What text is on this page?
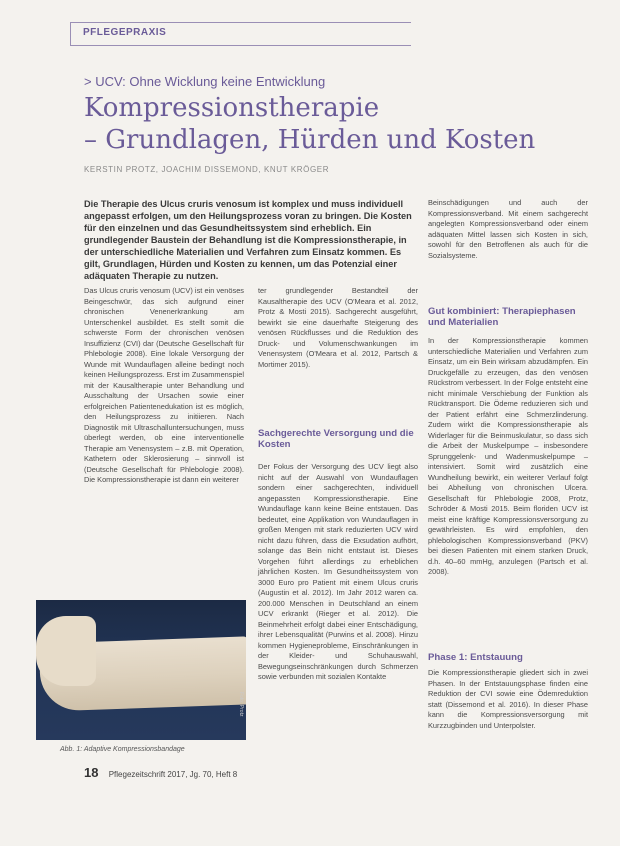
PFLEGEPRAXIS
> UCV: Ohne Wicklung keine Entwicklung
Kompressionstherapie
– Grundlagen, Hürden und Kosten
KERSTIN PROTZ, JOACHIM DISSEMOND, KNUT KRÖGER
Die Therapie des Ulcus cruris venosum ist komplex und muss individuell angepasst erfolgen, um den Heilungsprozess voran zu bringen. Die Kosten für den einzelnen und das Gesundheitssystem sind erheblich. Ein grundlegender Baustein der Behandlung ist die Kompressionstherapie, in der unterschiedliche Materialien und Verfahren zum Einsatz kommen. Es gilt, Grundlagen, Hürden und Kosten zu kennen, um das Potenzial einer adäquaten Therapie zu nutzen.
Das Ulcus cruris venosum (UCV) ist ein venöses Beingeschwür, das sich aufgrund einer chronischen Venenerkrankung am Unterschenkel ausbildet. Es stellt somit die schwerste Form der chronischen venösen Insuffizienz (CVI) dar (Deutsche Gesellschaft für Phlebologie 2008). Eine lokale Versorgung der Wunde mit Wundauflagen alleine bedingt noch keinen Heilungsprozess. Erst im Zusammenspiel mit der Kausaltherapie unter Behandlung und Ausschaltung der Ursachen sowie einer erfolgreichen Patientenedukation ist es möglich, den Heilungsprozess zu initiieren. Nach Diagnostik mit Ultraschalluntersuchungen, muss überlegt werden, ob eine interventionelle Therapie am Venensystem – z.B. mit Operation, Kathetern oder Sklerosierung – sinnvoll ist (Deutsche Gesellschaft für Phlebologie 2008). Die Kompressionstherapie ist dann ein weiterer
ter grundlegender Bestandteil der Kausaltherapie des UCV (O'Meara et al. 2012, Protz & Mosti 2015). Sachgerecht ausgeführt, bewirkt sie eine dauerhafte Steigerung des venösen Rückflusses und die Reduktion des Druck- und Volumenschwankungen im Venensystem (O'Meara et al. 2012, Partsch & Mortimer 2015).
Sachgerechte Versorgung und die Kosten
Der Fokus der Versorgung des UCV liegt also nicht auf der Auswahl von Wundauflagen sondern einer sachgerechten, individuell angepassten Kompressionstherapie. Eine Wundauflage kann keine Beine entstauen. Das bedeutet, eine Applikation von Wundauflagen in großen Mengen mit stark reduzierten UCV wird nicht dazu führen, dass die Exsudation aufhört, solange das Bein nicht entstaut ist. Dieses Vorgehen führt allerdings zu erheblichen jährlichen Kosten. Im Gesundheitssystem von 3000 Euro pro Patient mit einem Ulcus cruris (Augustin et al. 2012). Im Jahr 2012 waren ca. 200.000 Menschen in Deutschland an einem UCV erkrankt (Rieger et al. 2012). Die Beinmehrheit erfolgt dabei einer Entschädigung, ihrer Lebensqualität (Purwins et al. 2008). Hinzu kommen Hygieneprobleme, Einschränkungen in der Kleider- und Schuhauswahl, Bewegungseinschränkungen durch Schmerzen sowie verbunden mit sozialen Kontakte
Beinschädigungen und auch der Kompressionsverband. Mit einem sachgerecht angelegten Kompressionsverband oder einem adäquaten Mittel lassen sich Kosten in sich, sowohl für den Betroffenen als auch für die Sozialsysteme.
Gut kombiniert: Therapiephasen und Materialien
In der Kompressionstherapie kommen unterschiedliche Materialien und Verfahren zum Einsatz, um ein Bein wirksam abzudämpfen. Ein Druckgefälle zu erzeugen, das den venösen Rückstrom verbessert. In der Folge entsteht eine nicht minimale Verschiebung der Funktion als Rücktransport. Die Ödeme reduzieren sich und der Patient erfährt eine Schmerzlinderung. Zudem wirkt die Kompressionstherapie als Widerlager für die Beinmuskulatur, so dass sich die Arbeit der Muskelpumpe – insbesondere Sprunggelenk- und Wadenmuskelpumpe – intensiviert. Somit wird zusätzlich eine Wundheilung bewirkt, ein weiterer Verlauf folgt bei Abheilung von chronischen Ulcera. Gesellschaft für Phlebologie 2008, Protz, Schröder & Mosti 2015. Beim floriden UCV ist meist eine kräftige Kompressionsversorgung zu gewährleisten. Es wird empfohlen, den phlebologischen Kompressionsverband (PKV) bei diesen Patienten mit einem starken Druck, d.h. 40–60 mmHg, anzulegen (Partsch et al. 2008).
Phase 1: Entstauung
Die Kompressionstherapie gliedert sich in zwei Phasen. In der Entstauungsphase finden eine Reduktion der CVI sowie eine Ödemreduktion statt (Dissemond et al. 2016). In dieser Phase kann die Kompressionsversorgung mit Kurzzugbinden und Unterpolster.
Foto: Protz
Abb. 1: Adaptive Kompressionsbandage
18 Pflegezeitschrift 2017, Jg. 70, Heft 8
